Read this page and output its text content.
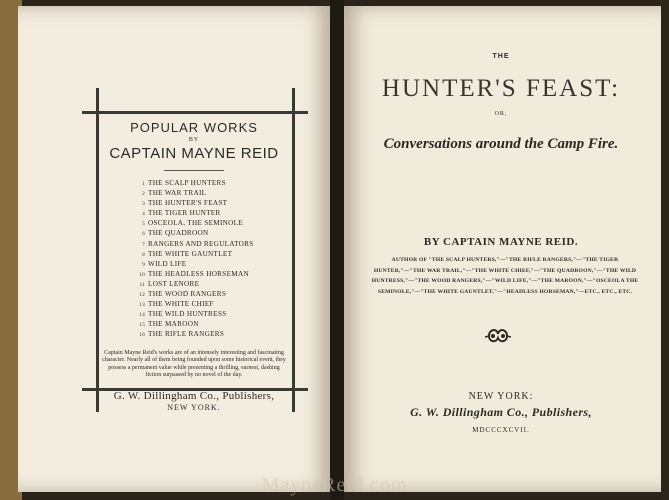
POPULAR WORKS
BY
CAPTAIN MAYNE REID
1 THE SCALP HUNTERS
2 THE WAR TRAIL
3 THE HUNTER'S FEAST
4 THE TIGER HUNTER
5 OSCEOLA, THE SEMINOLE
6 THE QUADROON
7 RANGERS AND REGULATORS
8 THE WHITE GAUNTLET
9 WILD LIFE
10 THE HEADLESS HORSEMAN
11 LOST LENORE
12 THE WOOD RANGERS
13 THE WHITE CHIEF
14 THE WILD HUNTRESS
15 THE MAROON
16 THE RIFLE RANGERS
Captain Mayne Reid's works are of an intensely interesting and fascinating character. Nearly all of them being founded upon some historical event, they possess a permanent value while presenting a thrilling, earnest, dashing fiction surpassed by no novel of the day.
G. W. Dillingham Co., Publishers,
NEW YORK.
THE
HUNTER'S FEAST:
OR,
Conversations around the Camp Fire.
BY CAPTAIN MAYNE REID.
AUTHOR OF "THE SCALP HUNTERS,"—"THE RIFLE RANGERS,"—"THE TIGER HUNTER,"—"THE WAR TRAIL,"—"THE WHITE CHIEF,"—"THE QUADROON,"—"THE WILD HUNTRESS,"—"THE WOOD RANGERS,"—"WILD LIFE,"—"THE MAROON,"—"OSCEOLA THE SEMINOLE,"—"THE WHITE GAUNTLET,"—"HEADLESS HORSEMAN,"—ETC., ETC., ETC.
NEW YORK:
G. W. Dillingham Co., Publishers,
MDCCCXCVII.
MayneReid.com
